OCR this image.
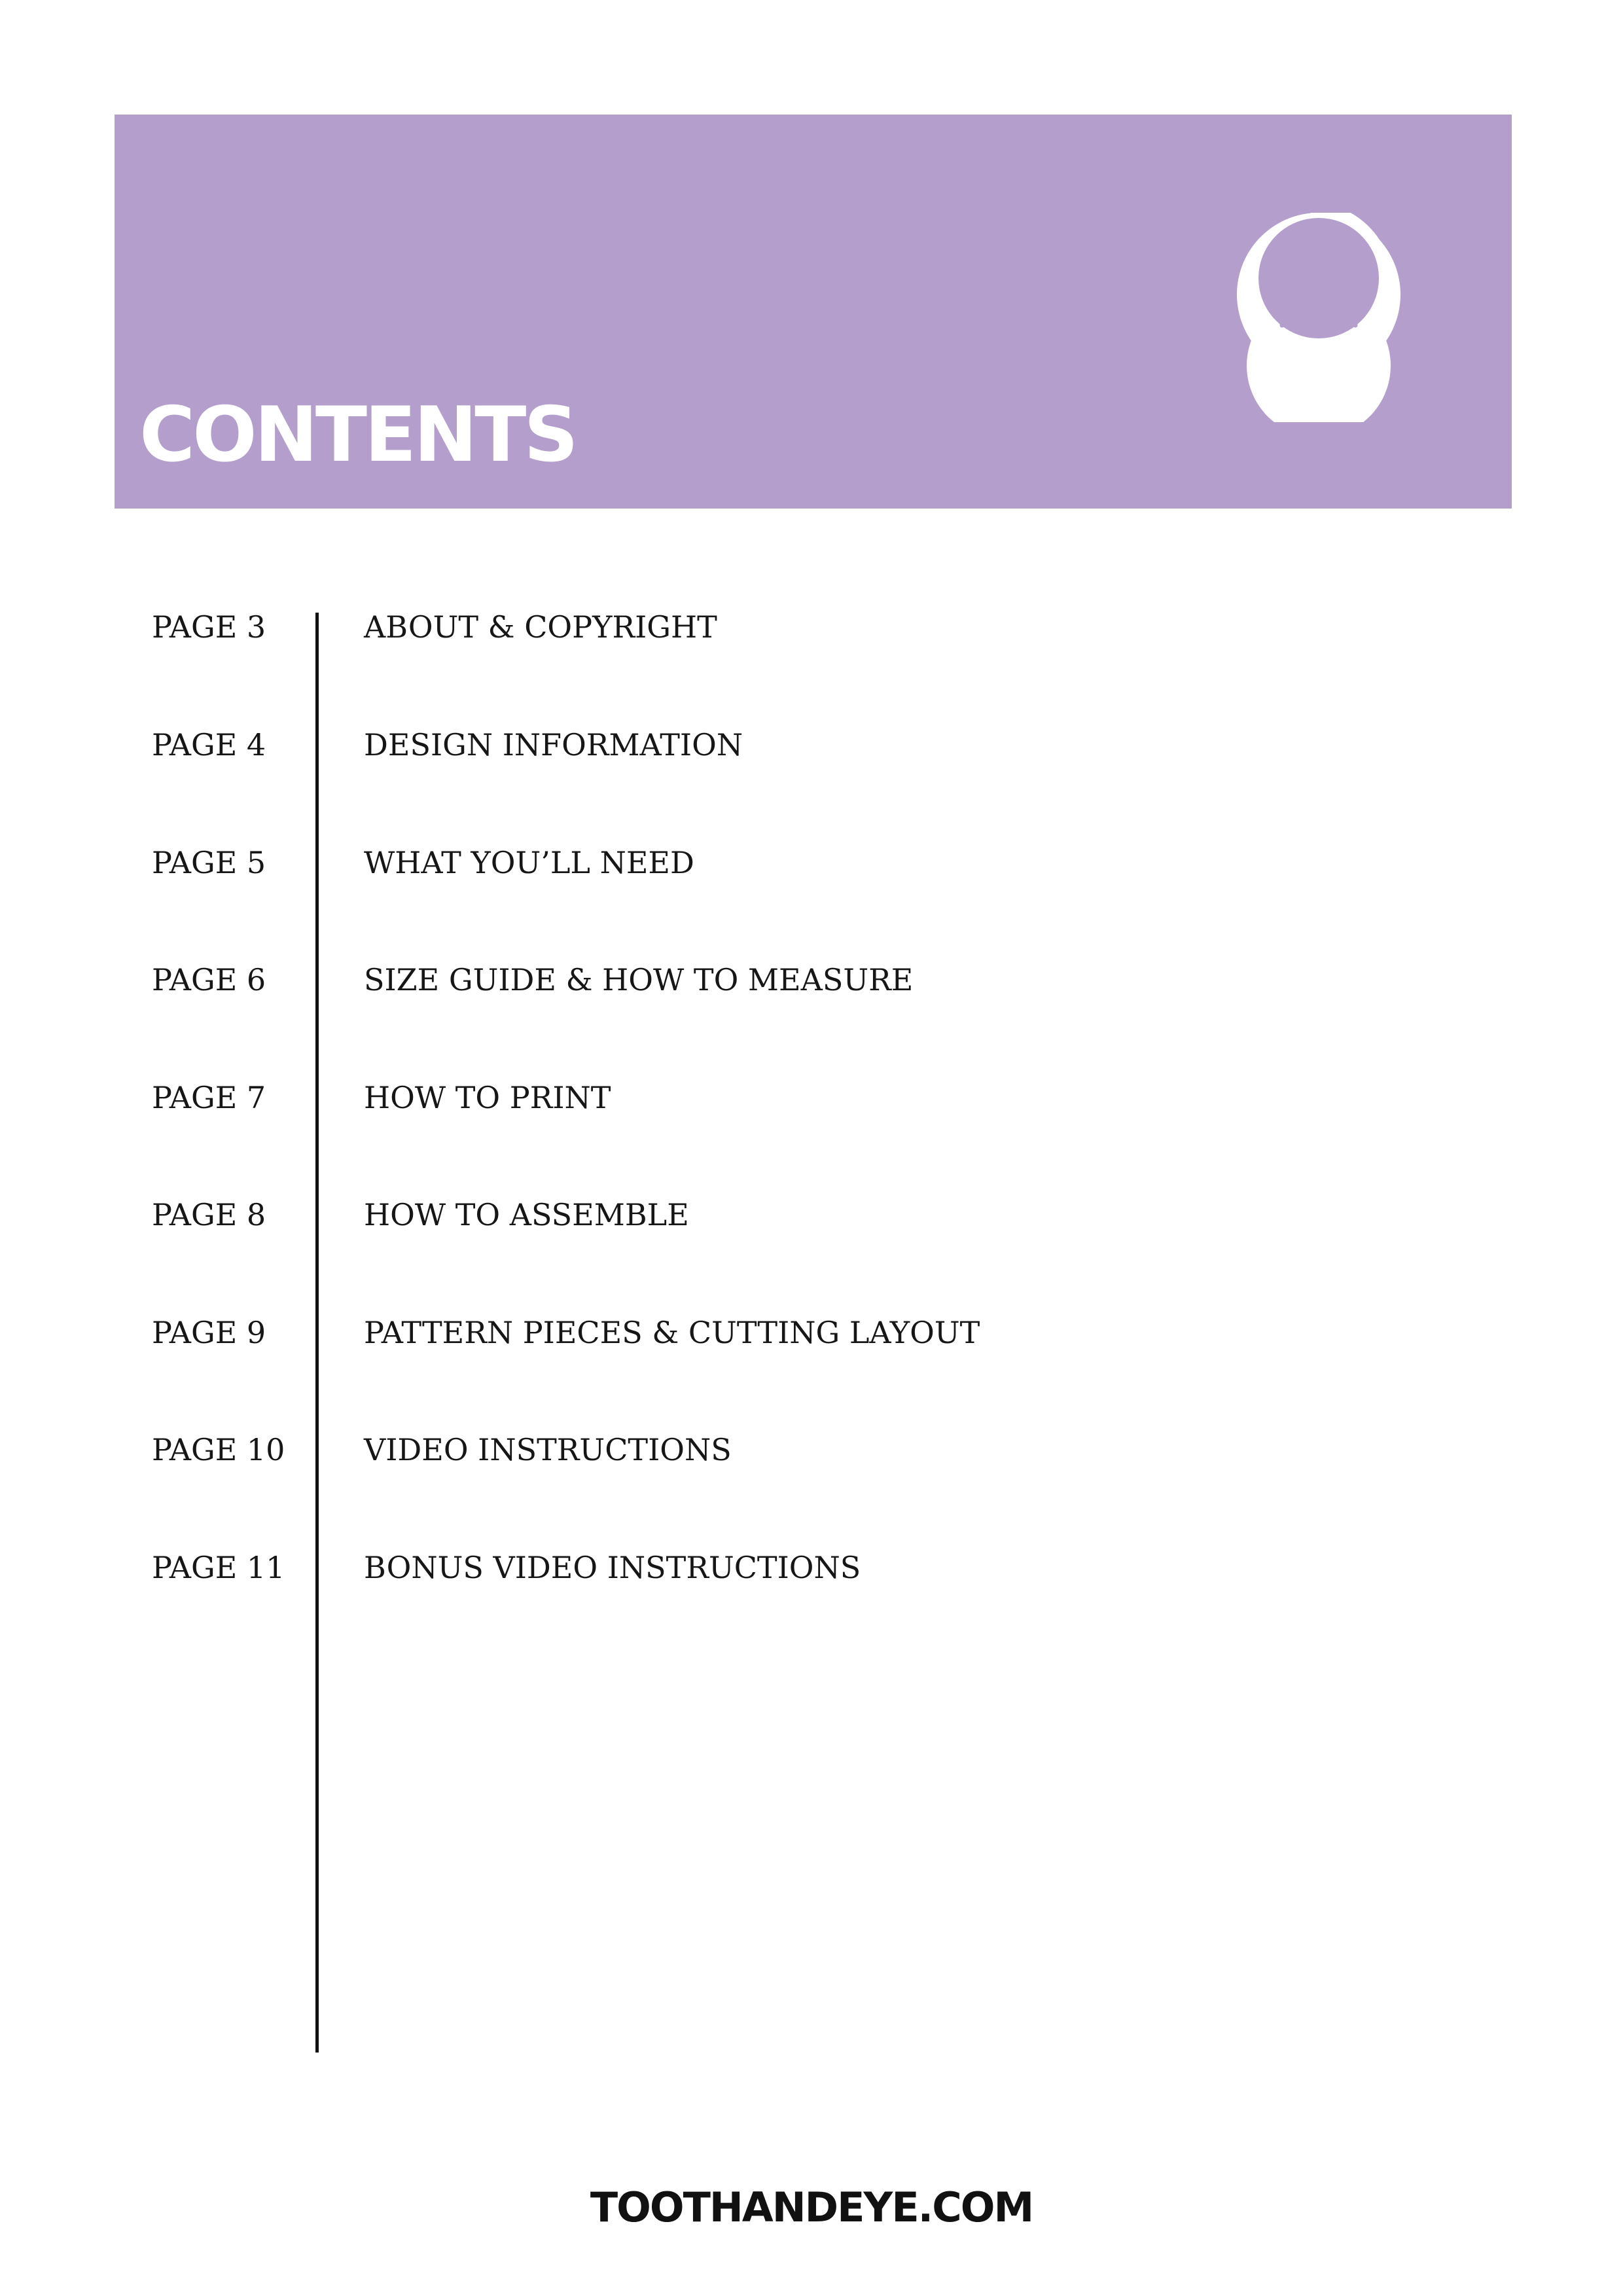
CONTENTS
PAGE 3	ABOUT & COPYRIGHT
PAGE 4	DESIGN INFORMATION
PAGE 5	WHAT YOU’LL NEED
PAGE 6	SIZE GUIDE & HOW TO MEASURE
PAGE 7	HOW TO PRINT
PAGE 8	HOW TO ASSEMBLE
PAGE 9	PATTERN PIECES & CUTTING LAYOUT
PAGE 10	VIDEO INSTRUCTIONS
PAGE 11	BONUS VIDEO INSTRUCTIONS
TOOTHANDEYE.COM
